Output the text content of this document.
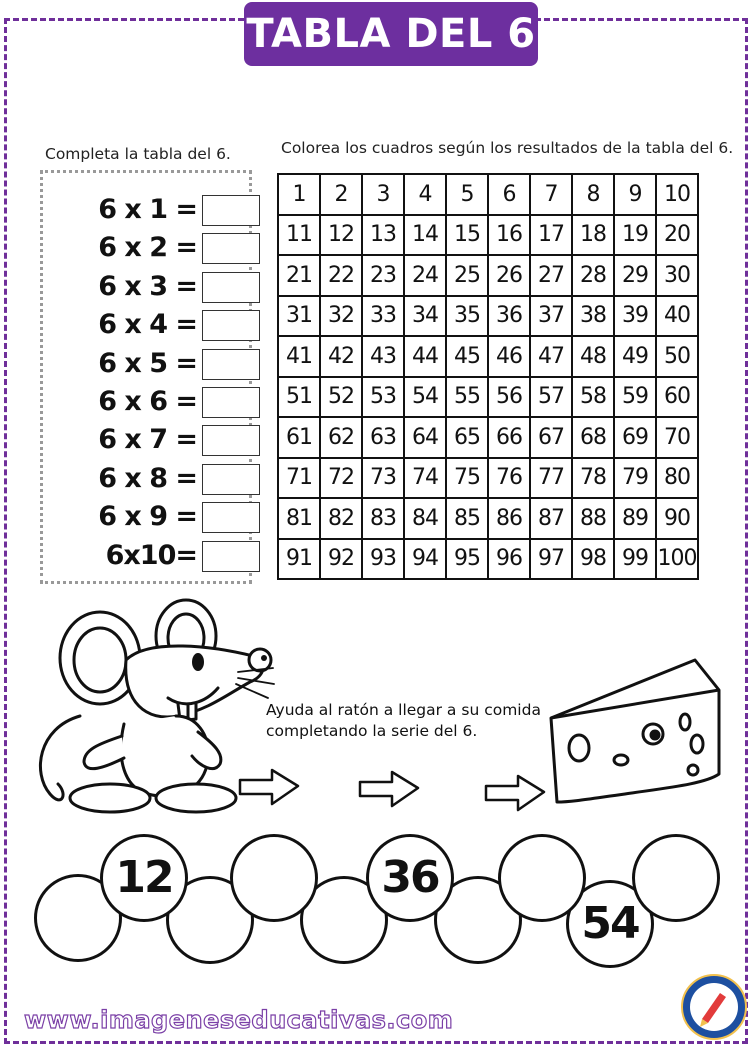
TABLA DEL 6
Completa la tabla del 6.	Colorea los cuadros según los resultados de la tabla del 6.
6 x 1 =
6 x 2 =
6 x 3 =
6 x 4 =
6 x 5 =
6 x 6 =
6 x 7 =
6 x 8 =
6 x 9 =
6x10=
1	2	3	4	5	6	7	8	9	10
11	12	13	14	15	16	17	18	19	20
21	22	23	24	25	26	27	28	29	30
31	32	33	34	35	36	37	38	39	40
41	42	43	44	45	46	47	48	49	50
51	52	53	54	55	56	57	58	59	60
61	62	63	64	65	66	67	68	69	70
71	72	73	74	75	76	77	78	79	80
81	82	83	84	85	86	87	88	89	90
91	92	93	94	95	96	97	98	99	100
Ayuda al ratón a llegar a su comida
completando la serie del 6.
54
12	36
www.imageneseducativas.com
